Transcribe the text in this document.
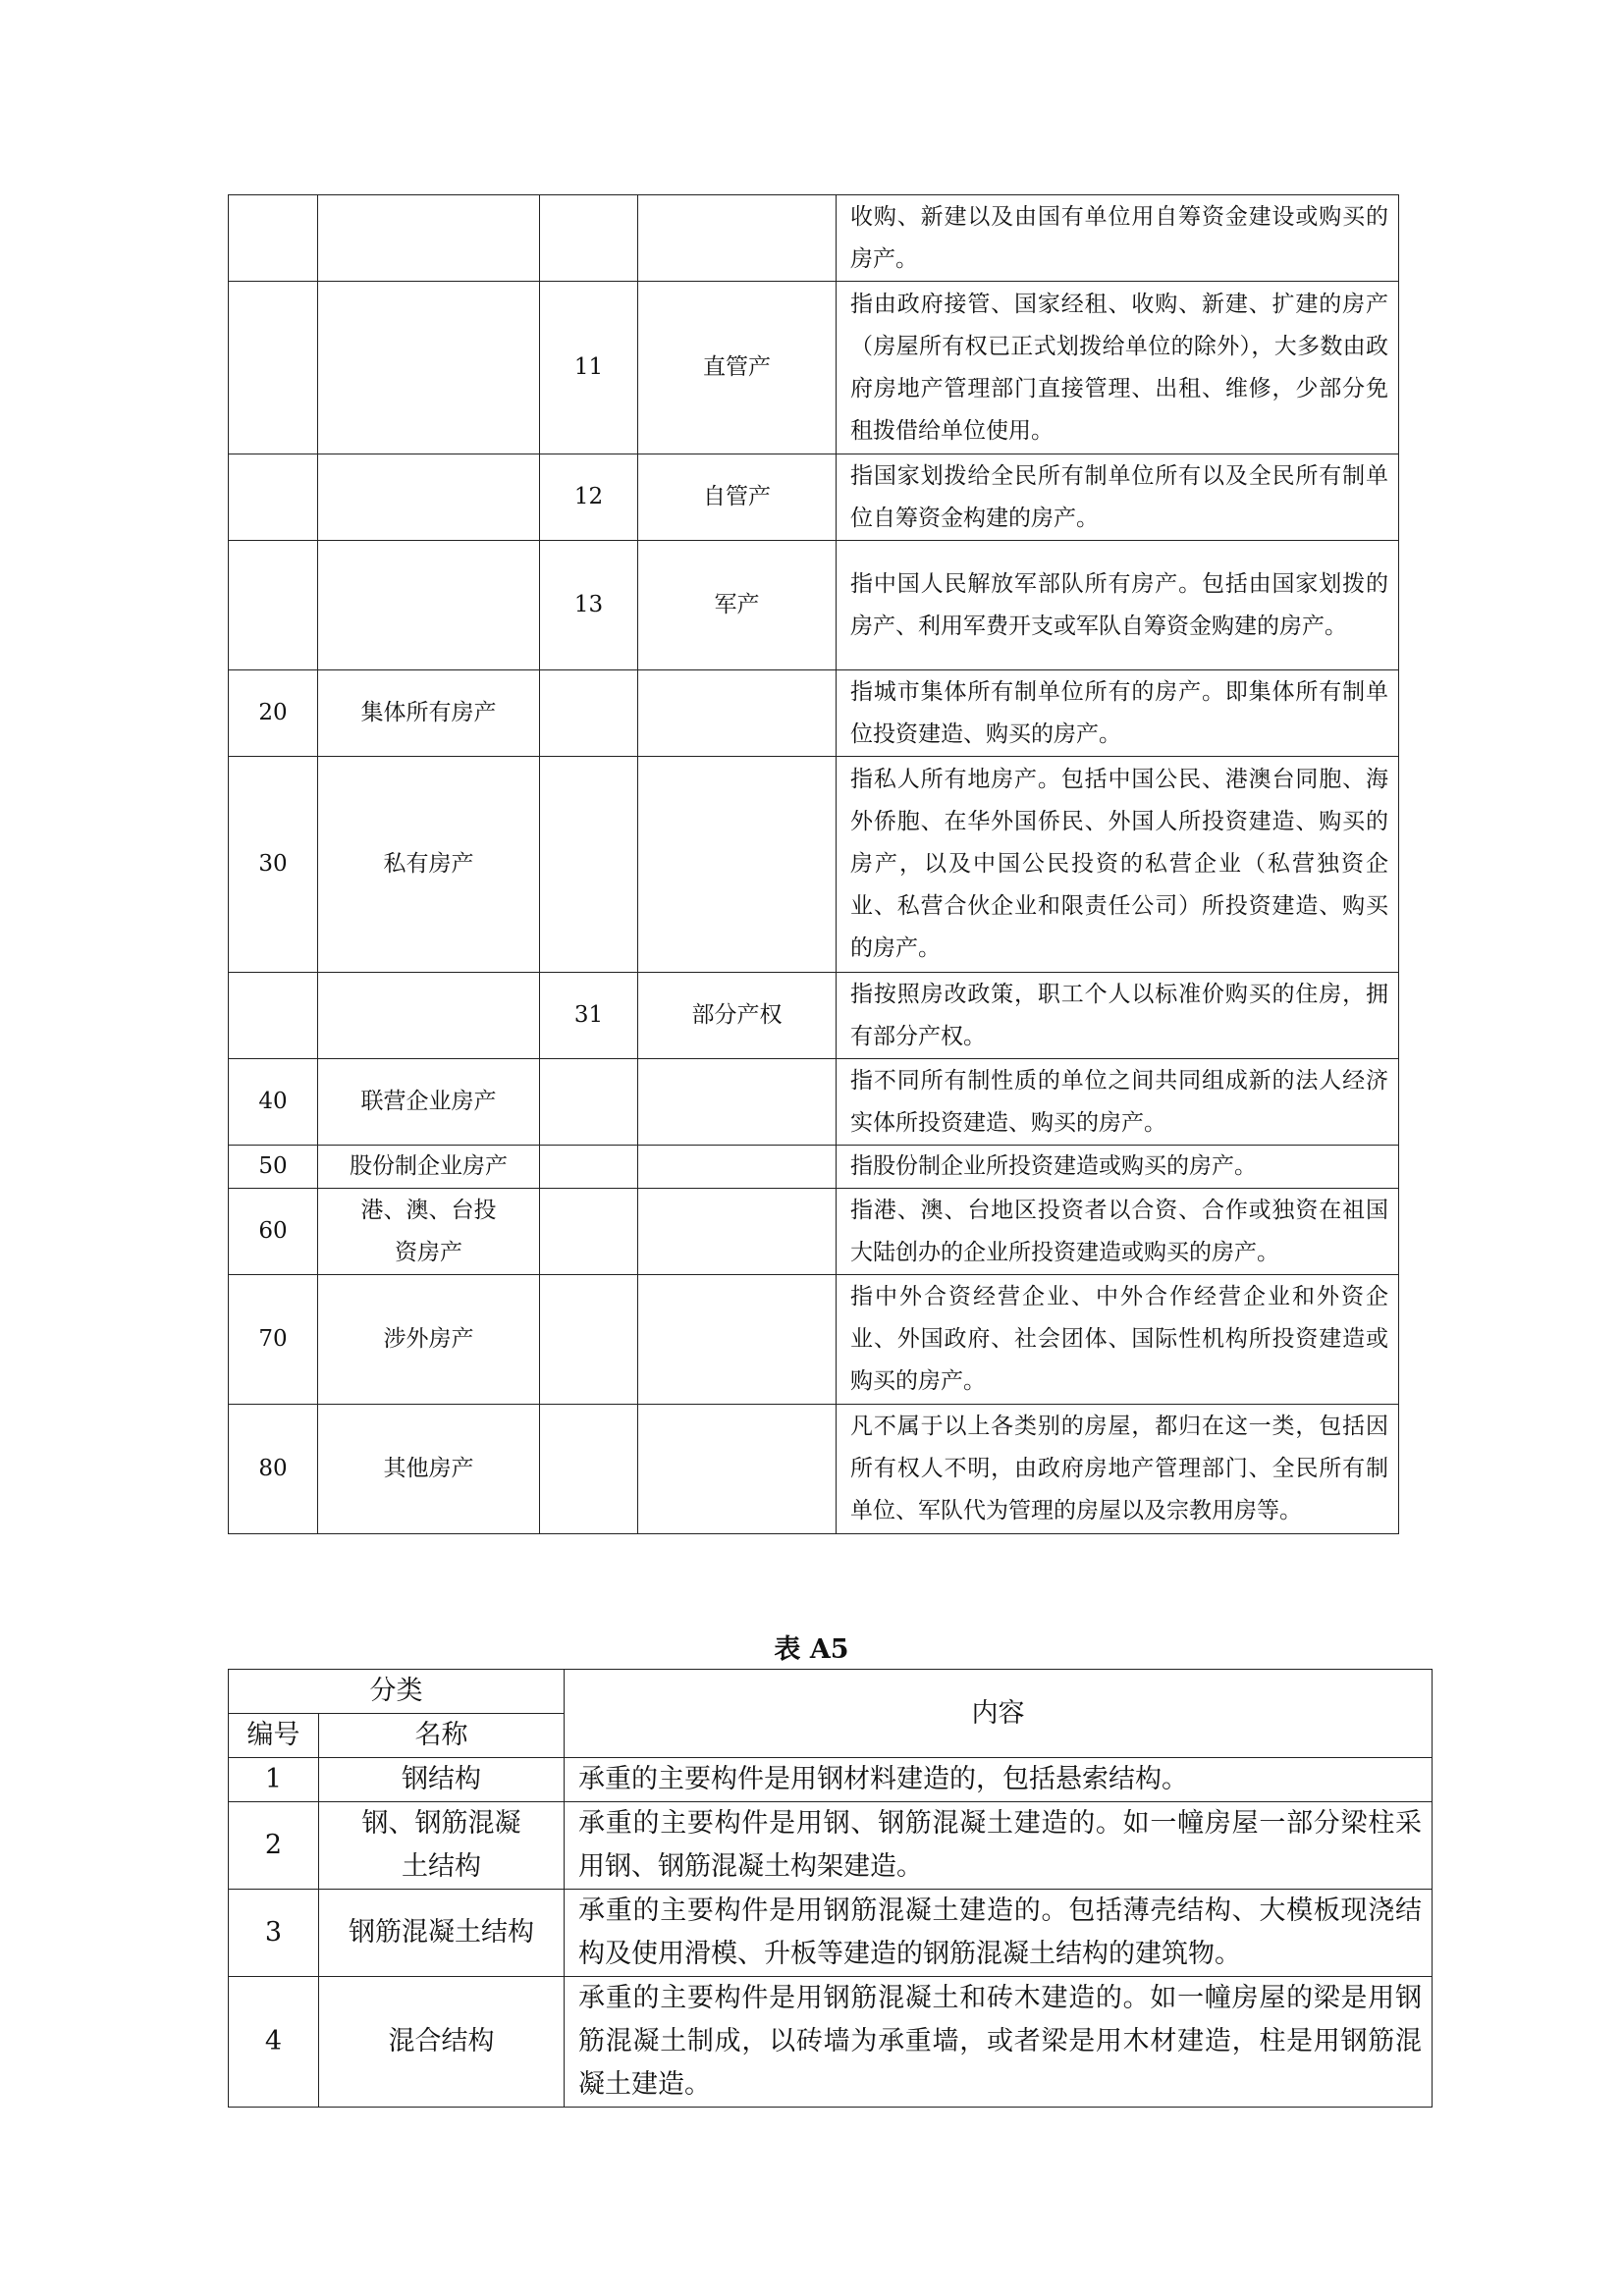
				收购、新建以及由国有单位用自筹资金建设或购买的房产。
		11	直管产	指由政府接管、国家经租、收购、新建、扩建的房产（房屋所有权已正式划拨给单位的除外），大多数由政府房地产管理部门直接管理、出租、维修，少部分免租拨借给单位使用。
		12	自管产	指国家划拨给全民所有制单位所有以及全民所有制单位自筹资金构建的房产。
		13	军产	指中国人民解放军部队所有房产。包括由国家划拨的房产、利用军费开支或军队自筹资金购建的房产。
20	集体所有房产			指城市集体所有制单位所有的房产。即集体所有制单位投资建造、购买的房产。
30	私有房产			指私人所有地房产。包括中国公民、港澳台同胞、海外侨胞、在华外国侨民、外国人所投资建造、购买的房产，以及中国公民投资的私营企业（私营独资企业、私营合伙企业和限责任公司）所投资建造、购买的房产。
		31	部分产权	指按照房改政策，职工个人以标准价购买的住房，拥有部分产权。
40	联营企业房产			指不同所有制性质的单位之间共同组成新的法人经济实体所投资建造、购买的房产。
50	股份制企业房产			指股份制企业所投资建造或购买的房产。
60	港、澳、台投资房产			指港、澳、台地区投资者以合资、合作或独资在祖国大陆创办的企业所投资建造或购买的房产。
70	涉外房产			指中外合资经营企业、中外合作经营企业和外资企业、外国政府、社会团体、国际性机构所投资建造或购买的房产。
80	其他房产			凡不属于以上各类别的房屋，都归在这一类，包括因所有权人不明，由政府房地产管理部门、全民所有制单位、军队代为管理的房屋以及宗教用房等。
表 A5
分类		内容
编号	名称	
1	钢结构	承重的主要构件是用钢材料建造的，包括悬索结构。
2	钢、钢筋混凝土结构	承重的主要构件是用钢、钢筋混凝土建造的。如一幢房屋一部分梁柱采用钢、钢筋混凝土构架建造。
3	钢筋混凝土结构	承重的主要构件是用钢筋混凝土建造的。包括薄壳结构、大模板现浇结构及使用滑模、升板等建造的钢筋混凝土结构的建筑物。
4	混合结构	承重的主要构件是用钢筋混凝土和砖木建造的。如一幢房屋的梁是用钢筋混凝土制成，以砖墙为承重墙，或者梁是用木材建造，柱是用钢筋混凝土建造。
